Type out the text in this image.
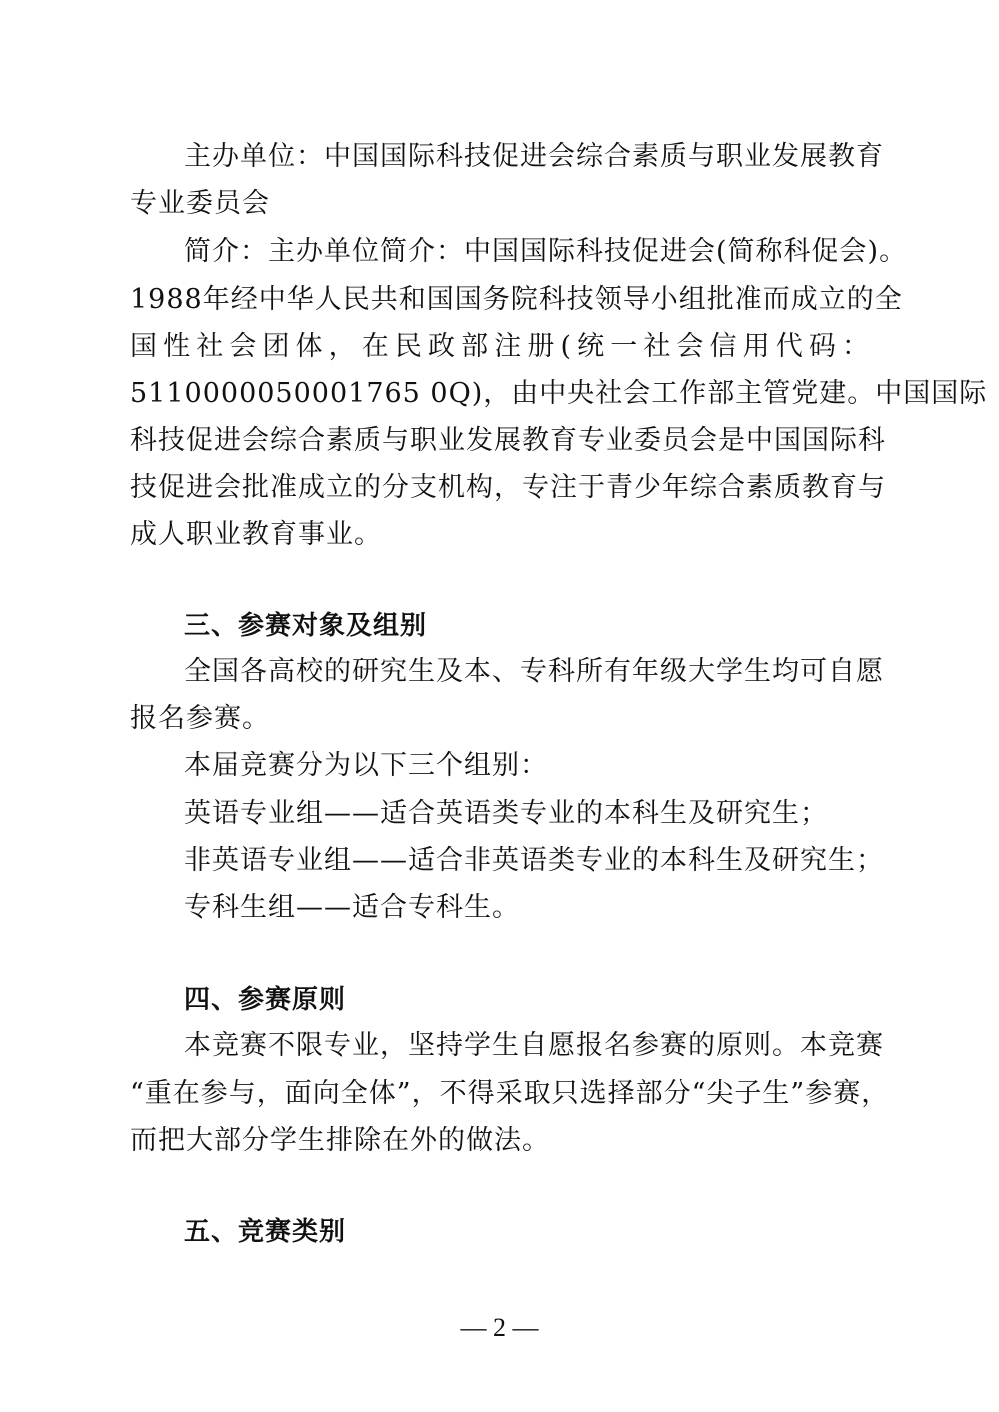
主办单位：中国国际科技促进会综合素质与职业发展教育
专业委员会
简介：主办单位简介：中国国际科技促进会(简称科促会)。
1988年经中华人民共和国国务院科技领导小组批准而成立的全
国性社会团体，在民政部注册(统一社会信用代码：
5110000050001765 0Q)，由中央社会工作部主管党建。中国国际
科技促进会综合素质与职业发展教育专业委员会是中国国际科
技促进会批准成立的分支机构，专注于青少年综合素质教育与
成人职业教育事业。
三、参赛对象及组别
全国各高校的研究生及本、专科所有年级大学生均可自愿
报名参赛。
本届竞赛分为以下三个组别：
英语专业组——适合英语类专业的本科生及研究生；
非英语专业组——适合非英语类专业的本科生及研究生；
专科生组——适合专科生。
四、参赛原则
本竞赛不限专业，坚持学生自愿报名参赛的原则。本竞赛
“重在参与，面向全体”，不得采取只选择部分“尖子生”参赛，
而把大部分学生排除在外的做法。
五、竞赛类别
— 2 —
